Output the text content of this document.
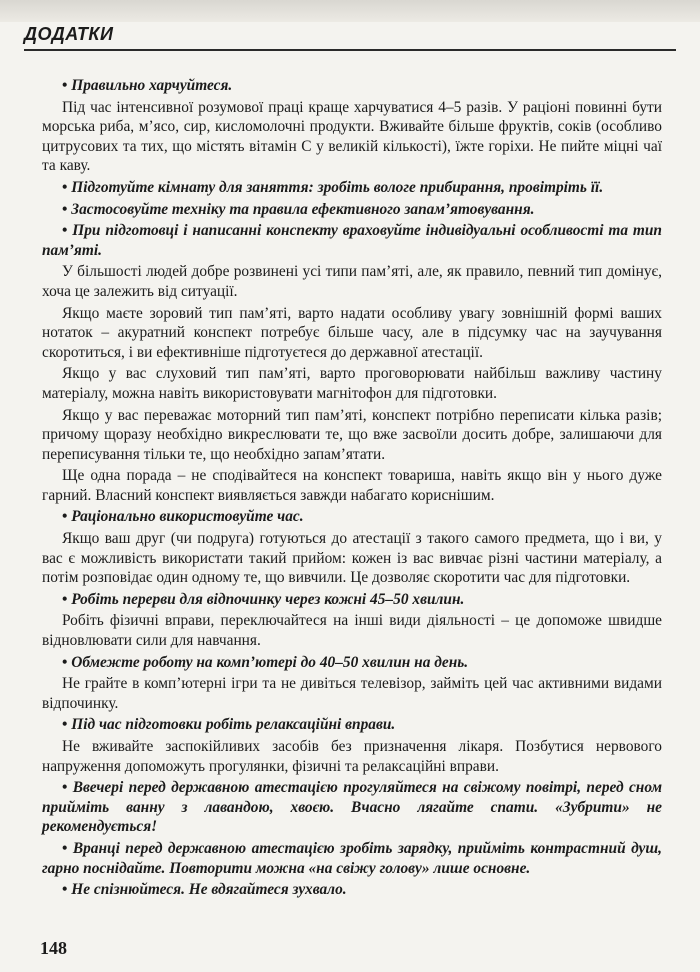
ДОДАТКИ

• Правильно харчуйтеся.

Під час інтенсивної розумової праці краще харчуватися 4–5 разів. У раціоні повинні бути морська риба, м’ясо, сир, кисломолочні продукти. Вживайте більше фруктів, соків (особливо цитрусових та тих, що містять вітамін С у великій кількості), їжте горіхи. Не пийте міцні чаї та каву.

• Підготуйте кімнату для заняття: зробіть вологе прибирання, провітріть її.

• Застосовуйте техніку та правила ефективного запам’ятовування.

• При підготовці і написанні конспекту враховуйте індивідуальні особливості та тип пам’яті.

У більшості людей добре розвинені усі типи пам’яті, але, як правило, певний тип домінує, хоча це залежить від ситуації.

Якщо маєте зоровий тип пам’яті, варто надати особливу увагу зовнішній формі ваших нотаток – акуратний конспект потребує більше часу, але в підсумку час на заучування скоротиться, і ви ефективніше підготуєтеся до державної атестації.

Якщо у вас слуховий тип пам’яті, варто проговорювати найбільш важливу частину матеріалу, можна навіть використовувати магнітофон для підготовки.

Якщо у вас переважає моторний тип пам’яті, конспект потрібно переписати кілька разів; причому щоразу необхідно викреслювати те, що вже засвоїли досить добре, залишаючи для переписування тільки те, що необхідно запам’ятати.

Ще одна порада – не сподівайтеся на конспект товариша, навіть якщо він у нього дуже гарний. Власний конспект виявляється завжди набагато кориснішим.

• Раціонально використовуйте час.

Якщо ваш друг (чи подруга) готуються до атестації з такого самого предмета, що і ви, у вас є можливість використати такий прийом: кожен із вас вивчає різні частини матеріалу, а потім розповідає один одному те, що вивчили. Це дозволяє скоротити час для підготовки.

• Робіть перерви для відпочинку через кожні 45–50 хвилин.

Робіть фізичні вправи, переключайтеся на інші види діяльності – це допоможе швидше відновлювати сили для навчання.

• Обмежте роботу на комп’ютері до 40–50 хвилин на день.

Не грайте в комп’ютерні ігри та не дивіться телевізор, займіть цей час активними видами відпочинку.

• Під час підготовки робіть релаксаційні вправи.

Не вживайте заспокійливих засобів без призначення лікаря. Позбутися нервового напруження допоможуть прогулянки, фізичні та релаксаційні вправи.

• Ввечері перед державною атестацією прогуляйтеся на свіжому повітрі, перед сном прийміть ванну з лавандою, хвоєю. Вчасно лягайте спати. «Зубрити» не рекомендується!

• Вранці перед державною атестацією зробіть зарядку, прийміть контрастний душ, гарно поснідайте. Повторити можна «на свіжу голову» лише основне.

• Не спізнюйтеся. Не вдягайтеся зухвало.

148
